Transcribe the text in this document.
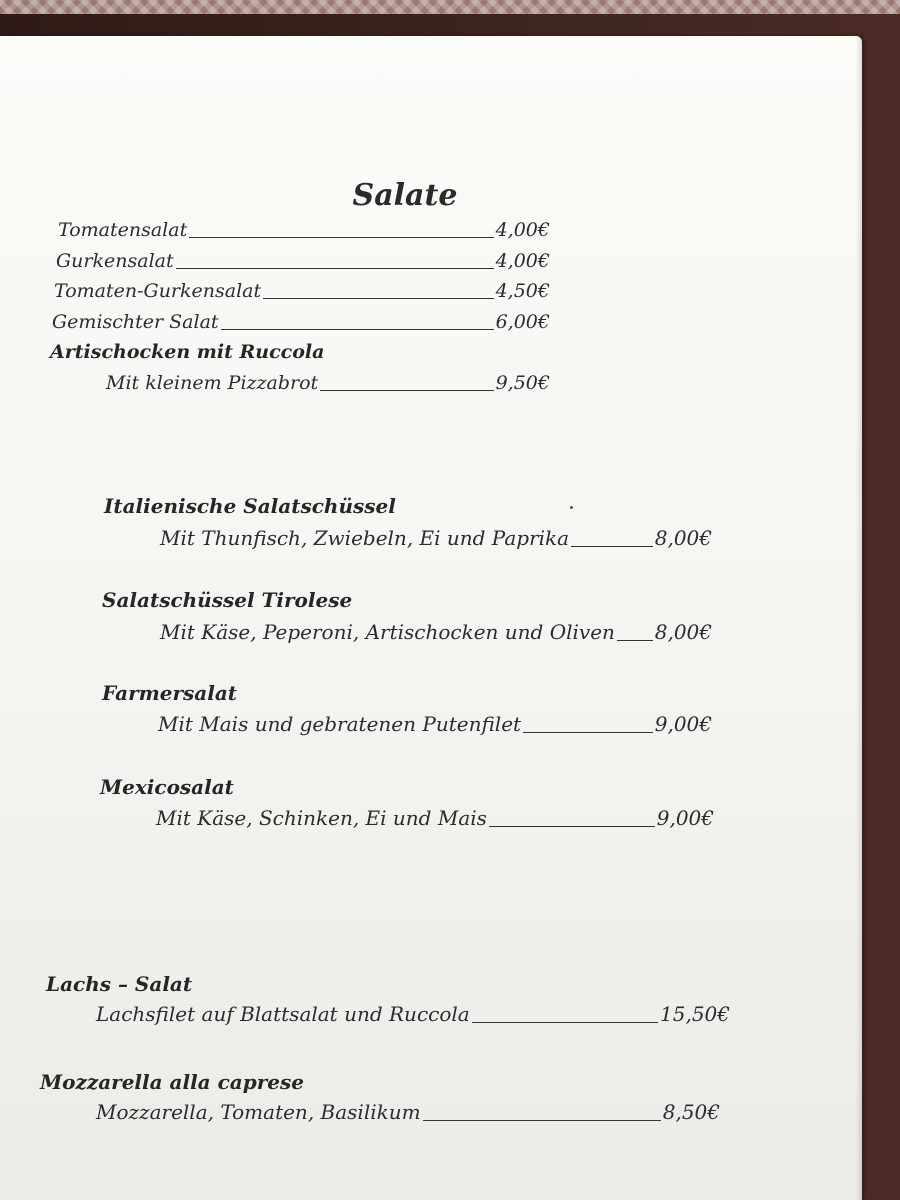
Salate
Tomatensalat	4,00€
Gurkensalat	4,00€
Tomaten-Gurkensalat	4,50€
Gemischter Salat	6,00€
Artischocken mit Ruccola
Mit kleinem Pizzabrot	9,50€
Italienische Salatschüssel
Mit Thunfisch, Zwiebeln, Ei und Paprika	8,00€
Salatschüssel Tirolese
Mit Käse, Peperoni, Artischocken und Oliven 8,00€
Farmersalat
Mit Mais und gebratenen Putenfilet	9,00€
Mexicosalat
Mit Käse, Schinken, Ei und Mais	9,00€
Lachs – Salat
Lachsfilet auf Blattsalat und Ruccola	15,50€
Mozzarella alla caprese
Mozzarella, Tomaten, Basilikum	8,50€
